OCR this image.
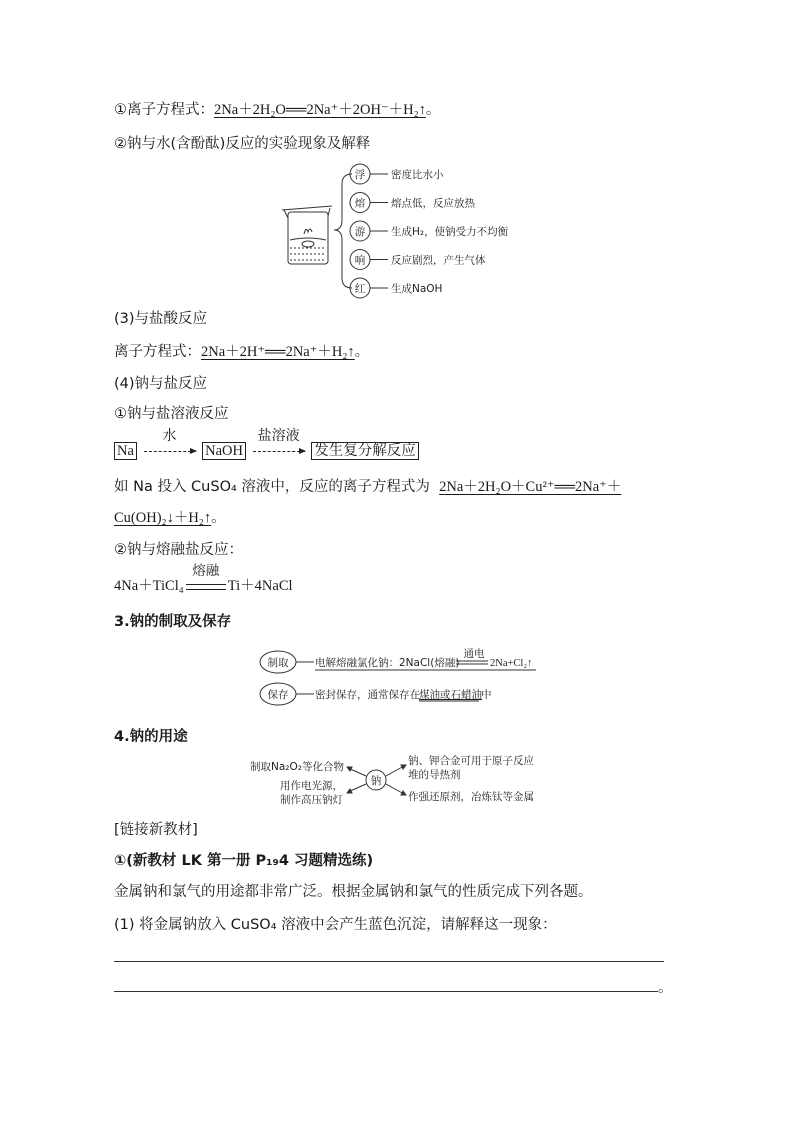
①离子方程式：2Na＋2H₂O══2Na⁺＋2OH⁻＋H₂↑。
②钠与水(含酚酞)反应的实验现象及解释
浮 密度比水小
熔 熔点低，反应放热
游 生成H₂，使钠受力不均衡
响 反应剧烈，产生气体
红 生成NaOH
(3)与盐酸反应
离子方程式：2Na＋2H⁺══2Na⁺＋H₂↑。
(4)钠与盐反应
①钠与盐溶液反应
Na
水
NaOH
盐溶液
发生复分解反应
如 Na 投入 CuSO₄ 溶液中，反应的离子方程式为 2Na＋2H₂O＋Cu²⁺══2Na⁺＋
Cu(OH)₂↓＋H₂↑。
②钠与熔融盐反应：
4Na＋TiCl₄
熔融
Ti＋4NaCl
3.钠的制取及保存
制取	电解熔融氯化钠：2NaCl(熔融)
通电
2Na+Cl₂↑
保存	密封保存，通常保存在 煤油或石蜡油 中
4.钠的用途
制取Na₂O₂等化合物
用作电光源，
制作高压钠灯
钠
钠、钾合金可用于原子反应
堆的导热剂
作强还原剂，冶炼钛等金属
[链接新教材]
①(新教材 LK 第一册 P₁₉4 习题精选练)
金属钠和氯气的用途都非常广泛。根据金属钠和氯气的性质完成下列各题。
(1) 将金属钠放入 CuSO₄ 溶液中会产生蓝色沉淀，请解释这一现象：
。
